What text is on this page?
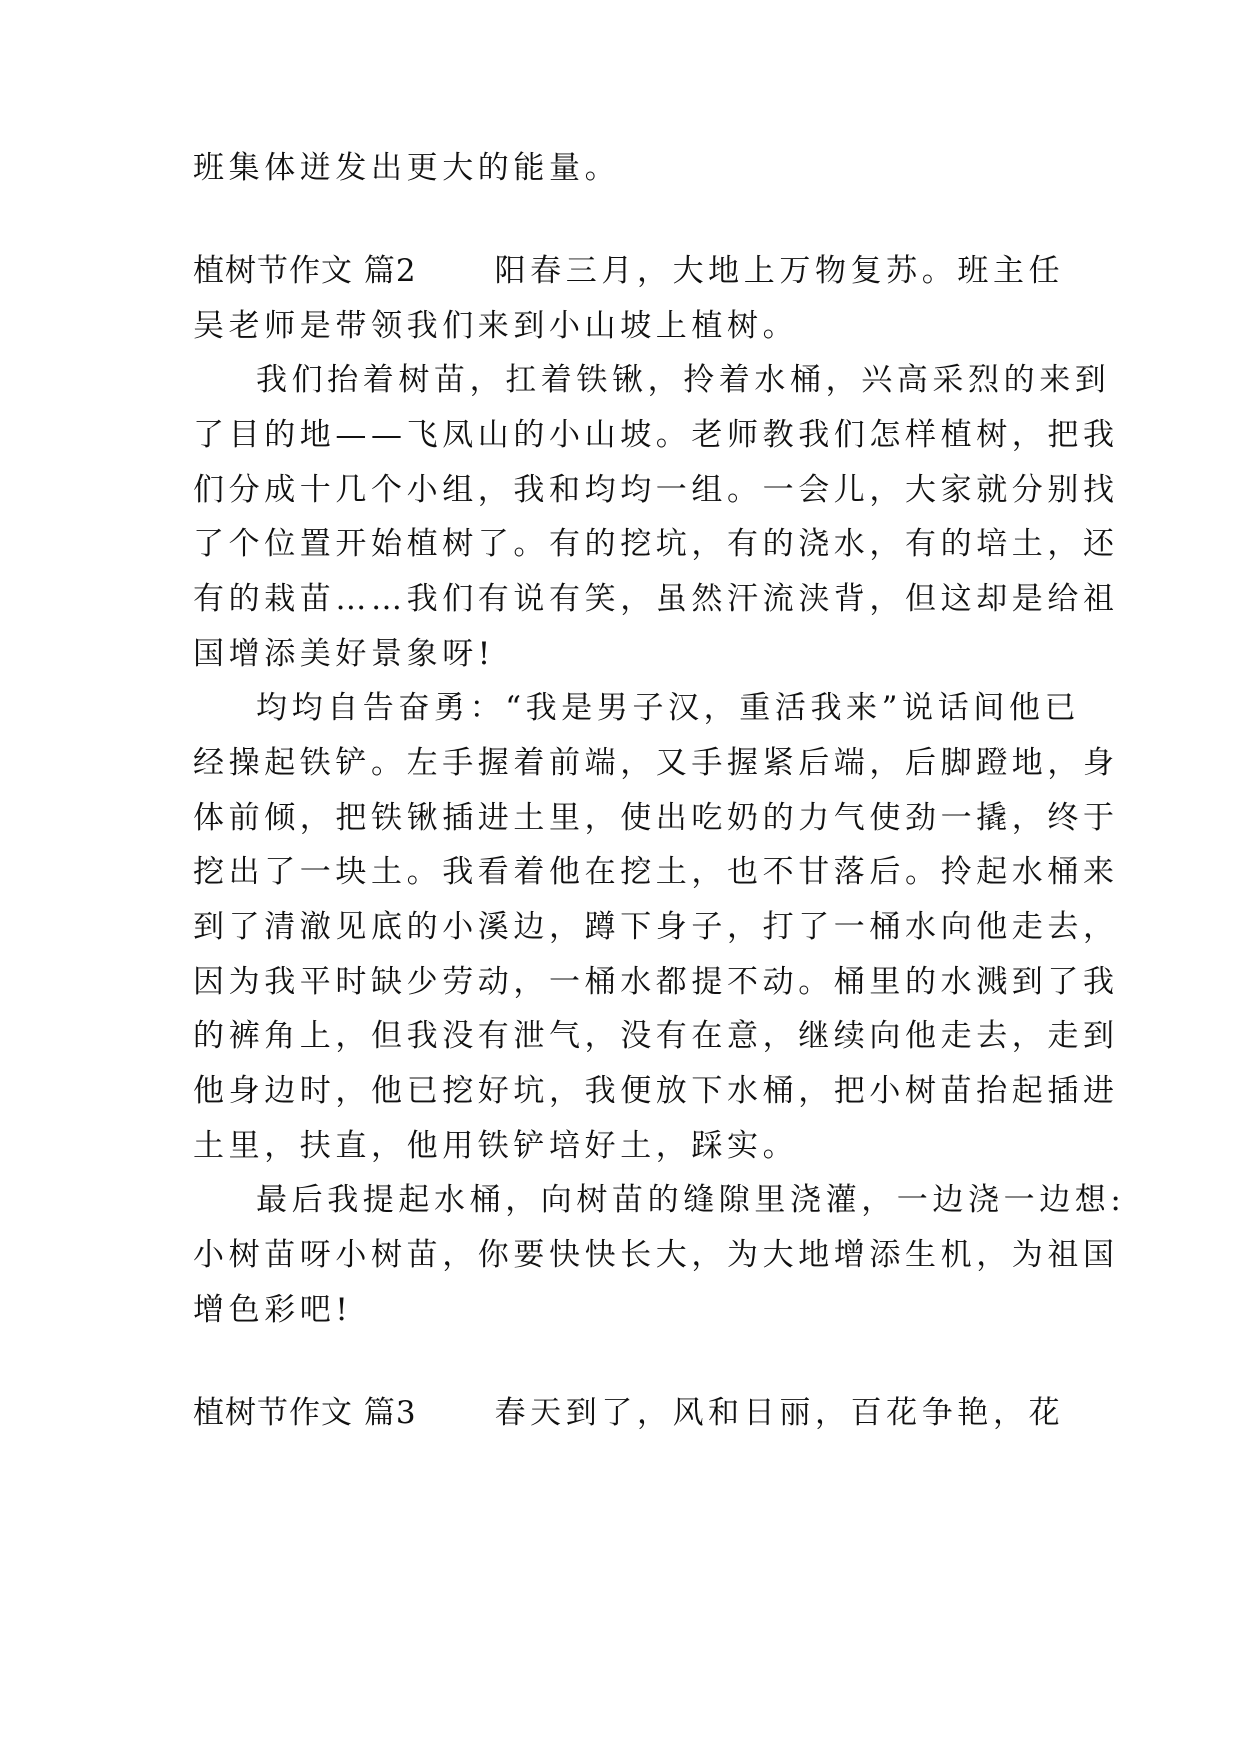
班集体迸发出更大的能量。
植树节作文 篇2	阳春三月，大地上万物复苏。班主任
吴老师是带领我们来到小山坡上植树。
我们抬着树苗，扛着铁锹，拎着水桶，兴高采烈的来到
了目的地——飞凤山的小山坡。老师教我们怎样植树，把我
们分成十几个小组，我和均均一组。一会儿，大家就分别找
了个位置开始植树了。有的挖坑，有的浇水，有的培土，还
有的栽苗……我们有说有笑，虽然汗流浃背，但这却是给祖
国增添美好景象呀!
均均自告奋勇：“我是男子汉，重活我来”说话间他已
经操起铁铲。左手握着前端，又手握紧后端，后脚蹬地，身
体前倾，把铁锹插进土里，使出吃奶的力气使劲一撬，终于
挖出了一块土。我看着他在挖土，也不甘落后。拎起水桶来
到了清澈见底的小溪边，蹲下身子，打了一桶水向他走去，
因为我平时缺少劳动，一桶水都提不动。桶里的水溅到了我
的裤角上，但我没有泄气，没有在意，继续向他走去，走到
他身边时，他已挖好坑，我便放下水桶，把小树苗抬起插进
土里，扶直，他用铁铲培好土，踩实。
最后我提起水桶，向树苗的缝隙里浇灌，一边浇一边想:
小树苗呀小树苗，你要快快长大，为大地增添生机，为祖国
增色彩吧!
植树节作文 篇3	春天到了，风和日丽，百花争艳，花
